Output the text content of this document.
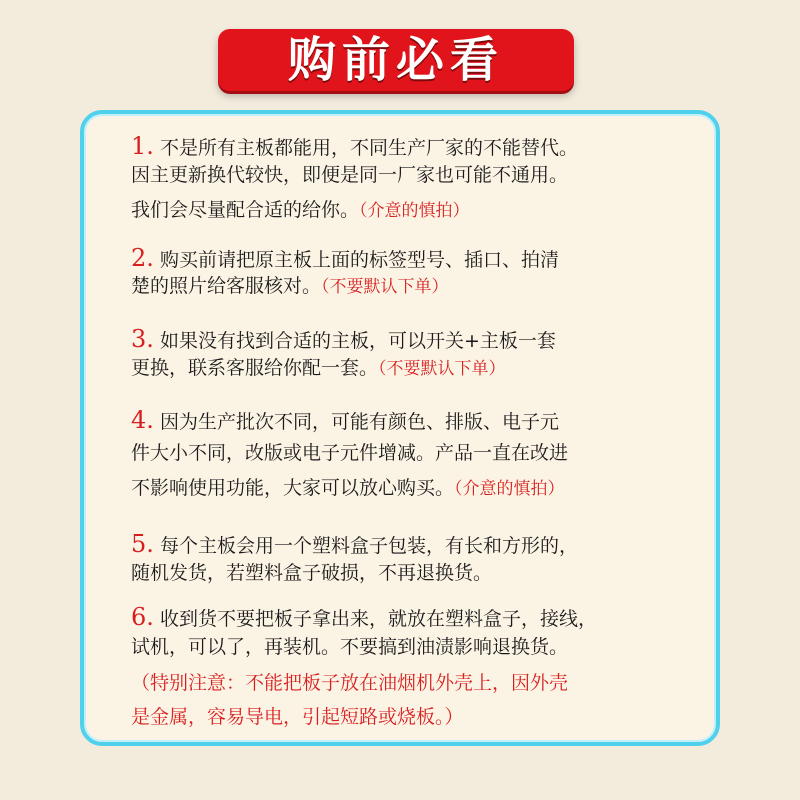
购前必看
1. 不是所有主板都能用，不同生产厂家的不能替代。
因主更新换代较快，即便是同一厂家也可能不通用。
我们会尽量配合适的给你。（介意的慎拍）
2. 购买前请把原主板上面的标签型号、插口、拍清
楚的照片给客服核对。（不要默认下单）
3. 如果没有找到合适的主板，可以开关+主板一套
更换，联系客服给你配一套。（不要默认下单）
4. 因为生产批次不同，可能有颜色、排版、电子元
件大小不同，改版或电子元件增减。产品一直在改进
不影响使用功能，大家可以放心购买。（介意的慎拍）
5. 每个主板会用一个塑料盒子包装，有长和方形的，
随机发货，若塑料盒子破损，不再退换货。
6. 收到货不要把板子拿出来，就放在塑料盒子，接线，
试机，可以了，再装机。不要搞到油渍影响退换货。
（特别注意：不能把板子放在油烟机外壳上，因外壳
是金属，容易导电，引起短路或烧板。）
